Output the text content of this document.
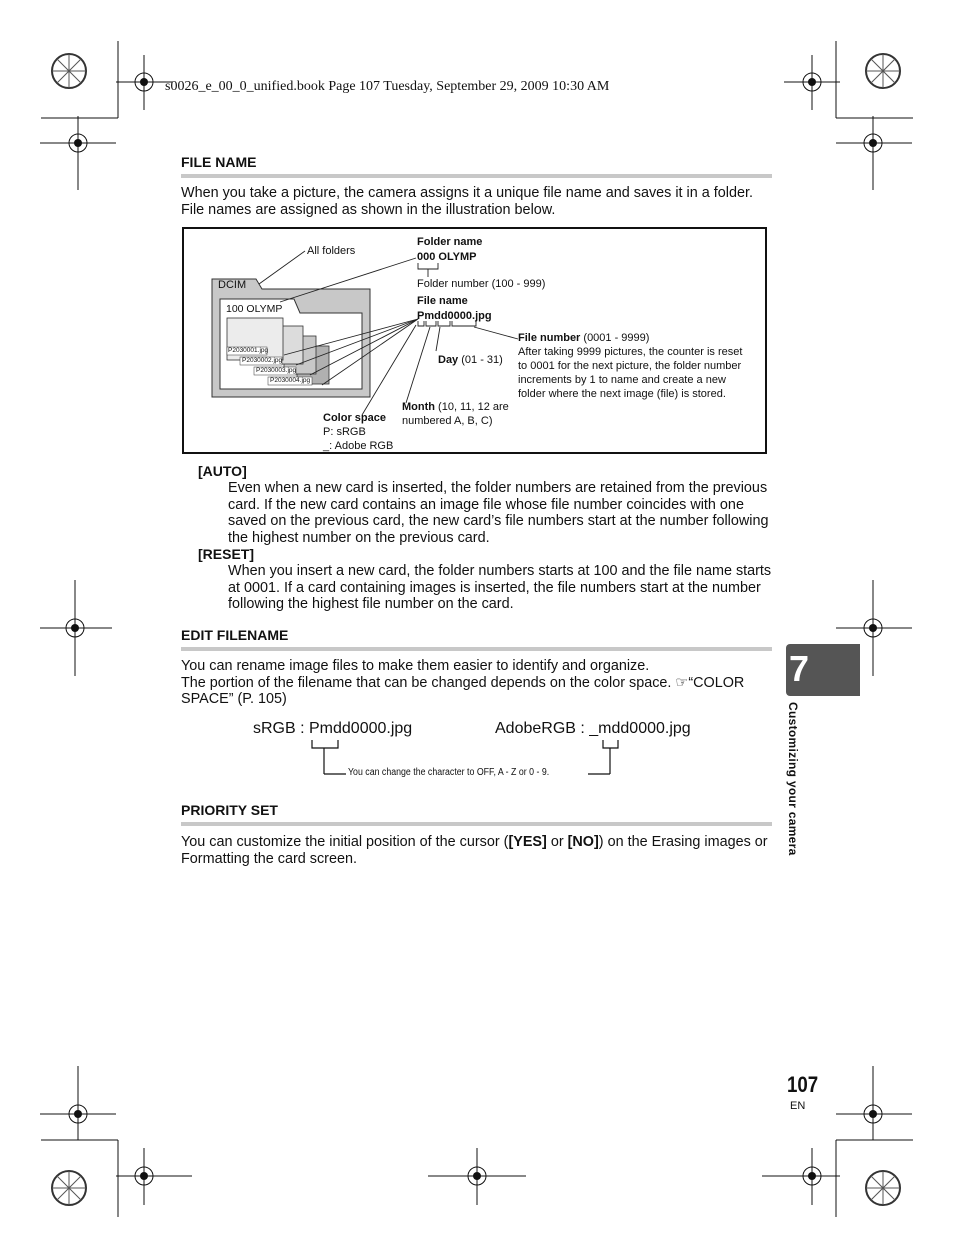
s0026_e_00_0_unified.book Page 107 Tuesday, September 29, 2009 10:30 AM
FILE NAME
When you take a picture, the camera assigns it a unique file name and saves it in a folder.
File names are assigned as shown in the illustration below.
All folders
DCIM
100 OLYMP
P2030001.jpg
P2030002.jpg
P2030003.jpg
P2030004.jpg
Folder name
000 OLYMP
Folder number (100 - 999)
File name
Pmdd0000.jpg
File number (0001 - 9999)
After taking 9999 pictures, the counter is reset
to 0001 for the next picture, the folder number
increments by 1 to name and create a new
folder where the next image (file) is stored.
Day (01 - 31)
Month (10, 11, 12 are
numbered A, B, C)
Color space
P: sRGB
_: Adobe RGB
[AUTO]
Even when a new card is inserted, the folder numbers are retained from the previous
card. If the new card contains an image file whose file number coincides with one
saved on the previous card, the new card’s file numbers start at the number following
the highest number on the previous card.
[RESET]
When you insert a new card, the folder numbers starts at 100 and the file name starts
at 0001. If a card containing images is inserted, the file numbers start at the number
following the highest file number on the card.
EDIT FILENAME
You can rename image files to make them easier to identify and organize.
The portion of the filename that can be changed depends on the color space. ☞“COLOR
SPACE” (P. 105)
sRGB : Pmdd0000.jpg	AdobeRGB : _mdd0000.jpg
You can change the character to OFF, A - Z or 0 - 9.
PRIORITY SET
You can customize the initial position of the cursor ([YES] or [NO]) on the Erasing images or
Formatting the card screen.
7
Customizing your camera
107
EN
